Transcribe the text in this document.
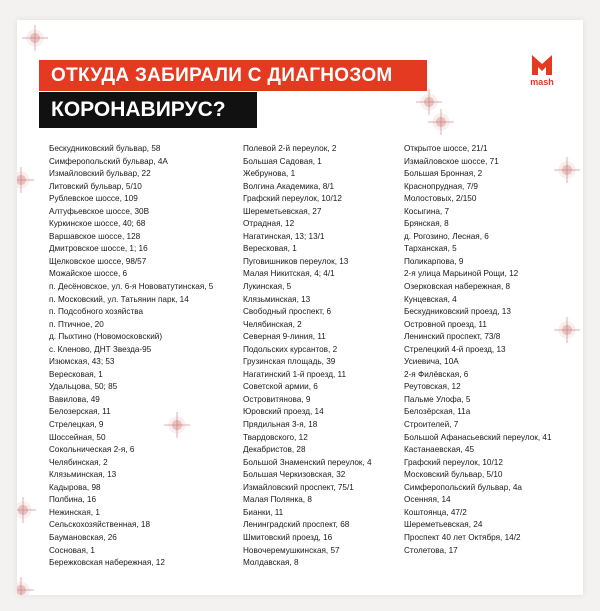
ОТКУДА ЗАБИРАЛИ С ДИАГНОЗОМ
КОРОНАВИРУС?
mash
Бескудниковский бульвар, 58
Симферопольский бульвар, 4А
Измайловский бульвар, 22
Литовский бульвар, 5/10
Рублевское шоссе, 109
Алтуфьевское шоссе, 30В
Куркинское шоссе, 40; 68
Варшавское шоссе, 128
Дмитровское шоссе, 1; 16
Щелковское шоссе, 98/57
Можайское шоссе, 6
п. Десёновское, ул. 6-я Нововатутинская, 5
п. Московский, ул. Татьянин парк, 14
п. Подсобного хозяйства
п. Птичное, 20
д. Пыхтино (Новомосковский)
с. Кленово, ДНТ Звезда-95
Изюмская, 43; 53
Вересковая, 1
Удальцова, 50; 85
Вавилова, 49
Белозерская, 11
Стрелецкая, 9
Шоссейная, 50
Сокольническая 2-я, 6
Челябинская, 2
Клязьминская, 13
Кадырова, 98
Полбина, 16
Нежинская, 1
Сельскохозяйственная, 18
Баумановская, 26
Сосновая, 1
Бережковская набережная, 12
Полевой 2-й переулок, 2
Большая Садовая, 1
Жебрунова, 1
Волгина Академика, 8/1
Графский переулок, 10/12
Шереметьевская, 27
Отрадная, 12
Нагатинская, 13; 13/1
Вересковая, 1
Пуговишников переулок, 13
Малая Никитская, 4; 4/1
Лукинская, 5
Клязьминская, 13
Свободный проспект, 6
Челябинская, 2
Северная 9-линия, 11
Подольских курсантов, 2
Грузинская площадь, 39
Нагатинский 1-й проезд, 11
Советской армии, 6
Островитянова, 9
Юровский проезд, 14
Прядильная 3-я, 18
Твардовского, 12
Декабристов, 28
Большой Знаменский переулок, 4
Большая Черкизовская, 32
Измайловский проспект, 75/1
Малая Полянка, 8
Бианки, 11
Ленинградский проспект, 68
Шмитовский проезд, 16
Новочеремушкинская, 57
Молдавская, 8
Открытое шоссе, 21/1
Измайловское шоссе, 71
Большая Бронная, 2
Краснопрудная, 7/9
Молостовых, 2/150
Косыгина, 7
Брянская, 8
д. Рогозино, Лесная, 6
Тарханская, 5
Поликарпова, 9
2-я улица Марьиной Рощи, 12
Озерковская набережная, 8
Кунцевская, 4
Бескудниковский проезд, 13
Островной проезд, 11
Ленинский проспект, 73/8
Стрелецкий 4-й проезд, 13
Усиевича, 10А
2-я Филёвская, 6
Реутовская, 12
Пальме Улофа, 5
Белозёрская, 11а
Строителей, 7
Большой Афанасьевский переулок, 41
Кастанаевская, 45
Графский переулок, 10/12
Московский бульвар, 5/10
Симферопольский бульвар, 4а
Осенняя, 14
Коштоянца, 47/2
Шереметьевская, 24
Проспект 40 лет Октября, 14/2
Столетова, 17
